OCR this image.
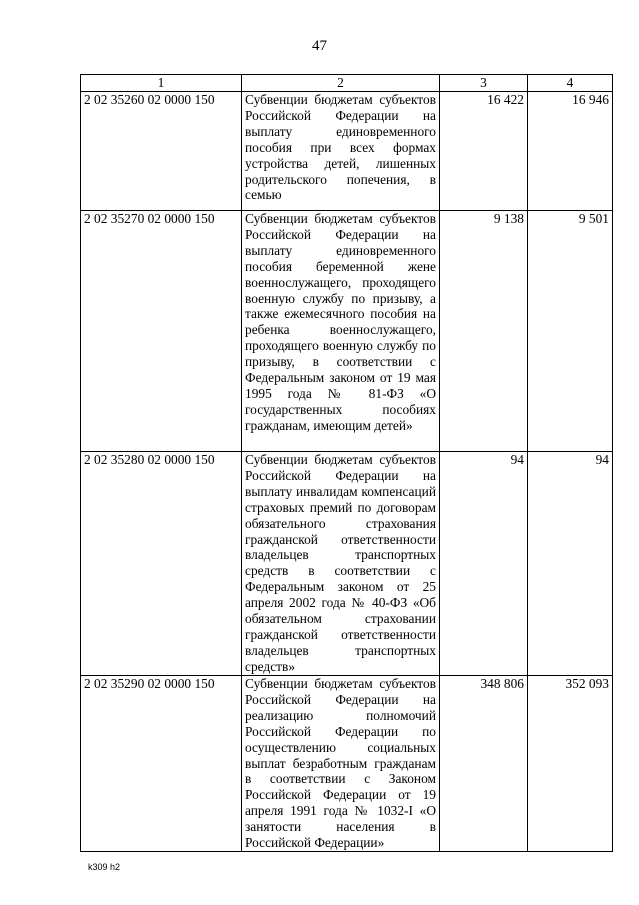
47
1	2	3	4
2 02 35260 02 0000 150	Субвенции бюджетам субъектов Российской Федерации на выплату единовременного пособия при всех формах устройства детей, лишенных родительского попечения, в семью	16 422	16 946
2 02 35270 02 0000 150	Субвенции бюджетам субъектов Российской Федерации на выплату единовременного пособия беременной жене военнослужащего, проходящего военную службу по призыву, а также ежемесячного пособия на ребенка военнослужащего, проходящего военную службу по призыву, в соответствии с Федеральным законом от 19 мая 1995 года № 81-ФЗ «О государственных пособиях гражданам, имеющим детей»	9 138	9 501
2 02 35280 02 0000 150	Субвенции бюджетам субъектов Российской Федерации на выплату инвалидам компенсаций страховых премий по договорам обязательного страхования гражданской ответственности владельцев транспортных средств в соответствии с Федеральным законом от 25 апреля 2002 года № 40-ФЗ «Об обязательном страховании гражданской ответственности владельцев транспортных средств»	94	94
2 02 35290 02 0000 150	Субвенции бюджетам субъектов Российской Федерации на реализацию полномочий Российской Федерации по осуществлению социальных выплат безработным гражданам в соответствии с Законом Российской Федерации от 19 апреля 1991 года № 1032-I «О занятости населения в Российской Федерации»	348 806	352 093
k309 h2
